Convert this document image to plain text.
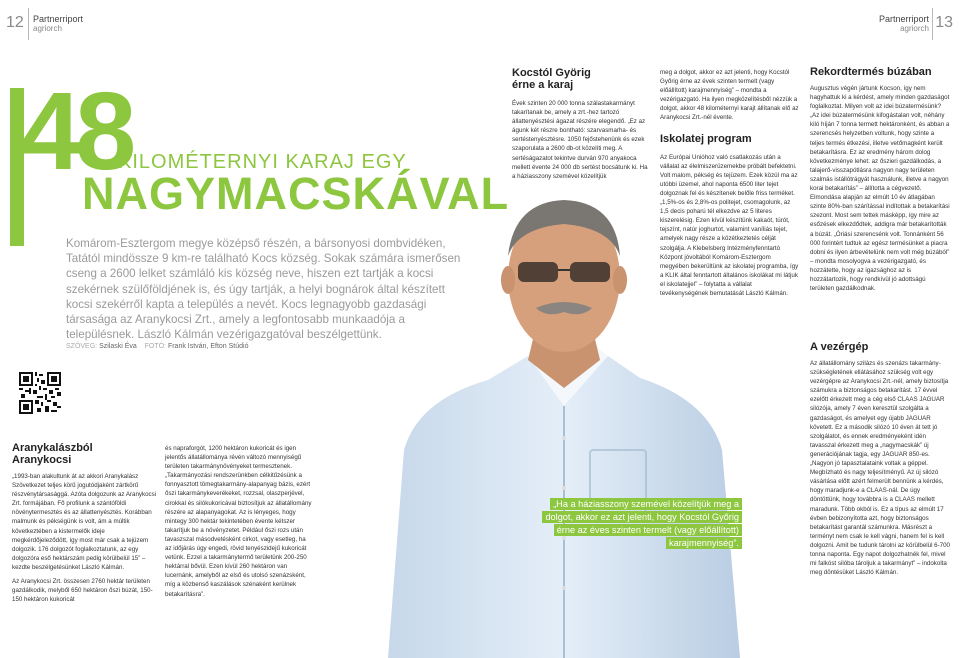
12 Partnerriport
agriorch
Partnerriport
agriorch 13
48
KILOMÉTERNYI KARAJ EGY
NAGYMACSKÁVAL
Komárom-Esztergom megye középső részén, a bársonyosi dombvidéken, Tatától mindössze 9 km-re található Kocs község. Sokak számára ismerősen cseng a 2600 lelket számláló kis község neve, hiszen ezt tartják a kocsi szekérnek szülőföldjének is, és úgy tartják, a helyi bognárok által készített kocsi szekérről kapta a település a nevét. Kocs legnagyobb gazdasági társasága az Aranykocsi Zrt., amely a legfontosabb munkaadója a településnek. László Kálmán vezérigazgatóval beszélgettünk.
SZÖVEG: Szilaski Éva FOTÓ: Frank István, Efton Stúdió
Aranykalászból
Aranykocsi

„1993-ban alakultunk át az akkori Aranykalász Szövetkezet teljes körű jogutódjaként zártkörű részvénytársasággá. Azóta dolgozunk az Aranykocsi Zrt. formájában. Fő profilunk a szántóföldi növénytermesztés és az állattenyésztés. Korábban malmunk és pékségünk is volt, ám a múltik következtében a kistermelők ideje megkérdőjeleződött, így most már csak a tejüzem dolgozik. 176 dolgozót foglalkoztatunk, az egy dolgozóra eső hektárszám pedig körülbelül 15” – kezdte beszélgetésünket László Kálmán.

Az Aranykocsi Zrt. összesen 2760 hektár területen gazdálkodik, melyből 650 hektáron őszi búzát, 150-150 hektáron kukoricát

és napraforgót, 1200 hektáron kukoricát és igen jelentős állatállománya révén változó mennyiségű területen takarmánynövényeket termesztenek. „Takarmányozási rendszerünkben célkitűzésünk a fonnyasztott tömegtakarmány-alapanyag bázis, ezért őszi takarmánykeverékeket, rozzsal, olaszperjével, cirokkal és silókukoricával biztosítjuk az állatállomány részére az alapanyagokat. Az is lényeges, hogy mintegy 300 hektár tekintetében évente kétszer takarítjuk be a növényzetet. Például őszi rozs után tavaszszal másodvetésként cirkot, vagy esetleg, ha az időjárás úgy engedi, rövid tenyészidejű kukoricát vetünk. Ezzel a takarmánytermő területünk 200-250 hektárral bővül. Ezen kívül 260 hektáron van lucernánk, amelyből az első és utolsó szenázsként, míg a közbenső kaszálások szénaként kerülnek betakarításra”.

Kocstól Györig
érne a karaj

Évek szinten 20 000 tonna szálastakarmányt takarítanak be, amely a zrt.-hez tartozó állattenyésztési ágazat részére elegendő. „Ez az águnk két részre bontható: szarvasmarha- és sertéstenyésztésre. 1050 fejőstehenünk és ezek szaporulata a 2600 db-ot közelíti meg. A sertéságazatot tekintve durván 970 anyakoca mellett évente 24 000 db sertést bocsátunk ki. Ha a háziasszony szemével közelítjük

meg a dolgot, akkor ez azt jelenti, hogy Kocstól Győrig érne az évek szinten termelt (vagy előállított) karajmennyiség” – mondta a vezérigazgató. Ha ilyen megközelítésből nézzük a dolgot, akkor 48 kilométernyi karajt állítanak elő az Aranykocsi Zrt.-nél évente.

Iskolatej program

Az Európai Unióhoz való csatlakozás után a vállalat az élelmiszerüzemekbe próbált befektetni. Volt malom, pékség és tejüzem. Ezek közül ma az utóbbi üzemel, ahol naponta 6500 liter tejet dolgoznak fel és készítenek belőle friss terméket. „1,5%-os és 2,8%-os politejet, csomagolunk, az 1,5 decis poharú tél elkezdve az 5 literes kiszerelésig. Ezen kívül készítünk kakaót, túrót, tejszínt, natúr joghurtot, valamint vaníliás tejet, amelyek nagy része a közétkeztetés célját szolgálja. A Klebelsberg Intézményfenntartó Központ jóvoltából Komárom-Esztergom megyében bekerültünk az iskolatej programba, így a KLIK által fenntartott általános iskolákat mi látjuk el iskolatejjel” – folytatta a vállalat tevékenységének bemutatását László Kálmán.

Rekordtermés búzában

Augusztus végén jártunk Kocson, így nem hagyhattuk ki a kérdést, amely minden gazdaságot foglalkoztat. Milyen volt az idei búzatermésünk? „Az idei búzatermésünk kifogástalan volt, néhány kiló híján 7 tonna termett hektáronként, és abban a szerencsés helyzetben voltunk, hogy szinte a teljes termés étkezési, illetve vetőmagként került betakarításra. Ez az eredmény három dolog következménye lehet: az őszieri gazdálkodás, a talajerő-visszapótlásra nagyon nagy területen szalmás istállótrágyát használunk, illetve a nagyon korai betakarítás” – állította a cégvezető. Elmondása alapján az elmúlt 10 év átlagában szinte 80%-ban szárítással indítottak a betakarítási szezont. Most sem tettek másképp, így mire az esőzések elkezdődtek, addigra már betakarították a búzát. „Óriási szerencsénk volt. Tonnánként 56 000 forintért tudtuk az egész termésünket a piacra dobni és ilyen árbevételünk nem volt még búzából” – mondta mosolyogva a vezérigazgató, és hozzátette, hogy az igazsághoz az is hozzátartozik, hogy rendkívül jó adottságú területen gazdálkodnak.

A vezérgép

Az állatállomány szilázs és szenázs takarmány-szükségletének ellátásához szükség volt egy vezérgépre az Aranykocsi Zrt.-nél, amely biztosítja számukra a biztonságos betakarítást. 17 évvel ezelőtt érkezett meg a cég első CLAAS JAGUAR silózója, amely 7 éven keresztül szolgálta a gazdaságot, és amelyet egy újabb JAGUAR követett. Ez a második silózó 10 éven át tett jó szolgálatot, és ennek eredményeként idén tavasszal érkezett meg a „nagymacskák” új generációjának tagja, egy JAGUAR 850-es. „Nagyon jó tapasztalataink voltak a géppel. Megbízható és nagy teljesítményű. Az új silózó vásárlása előtt azért felmerült bennünk a kérdés, hogy maradjunk-e a CLAAS-nál. De úgy döntöttünk, hogy továbbra is a CLAAS mellett maradunk. Több okból is. Ez a típus az elmúlt 17 évben bebizonyította azt, hogy biztonságos betakarítást garantál számunkra. Másrészt a terményt nem csak le kell vágni, hanem fel is kell dolgozni. Amit be tudunk tárolni az körülbelül 6-700 tonna naponta. Egy napot dolgozhatnék fel, mivel mi falkóst silóba tároljuk a takarmányt” – indokolta meg döntésüket László Kálmán.

„Ha a háziasszony szemével közelítjük meg a dolgot, akkor ez azt jelenti, hogy Kocstól Győrig érne az éves szinten termelt (vagy előállított) karajmennyiség”.
